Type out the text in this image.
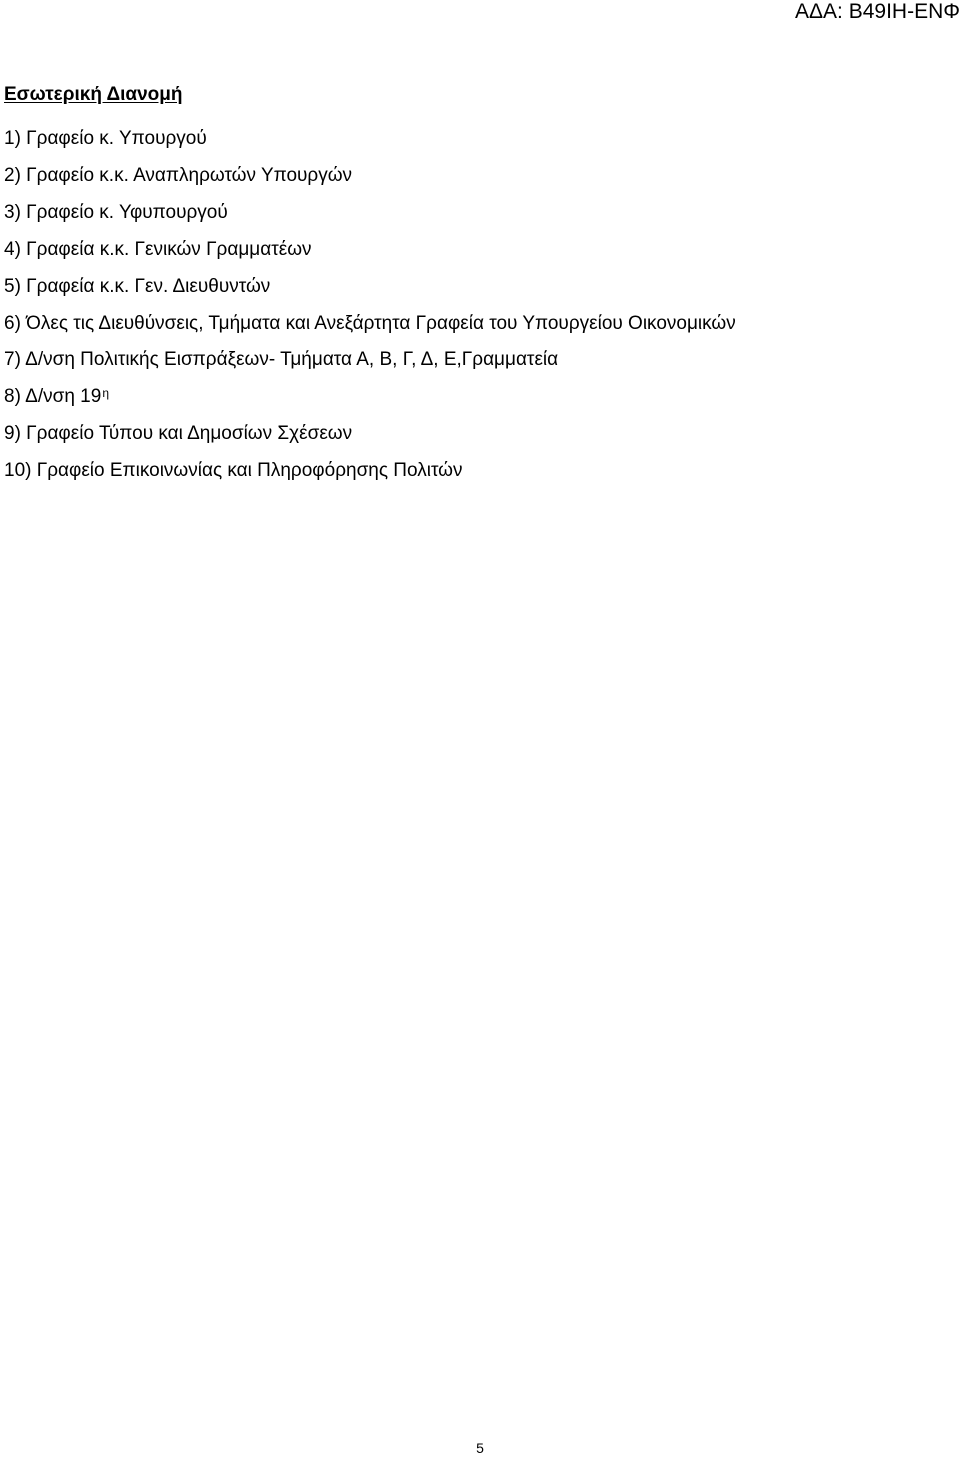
ΑΔΑ: Β49ΙΗ-ΕΝΦ
Εσωτερική Διανομή
1) Γραφείο κ. Υπουργού
2) Γραφείο κ.κ. Αναπληρωτών Υπουργών
3) Γραφείο κ. Υφυπουργού
4) Γραφεία κ.κ. Γενικών Γραμματέων
5) Γραφεία κ.κ. Γεν. Διευθυντών
6) Όλες τις Διευθύνσεις, Τμήματα και Ανεξάρτητα Γραφεία του Υπουργείου Οικονομικών
7) Δ/νση Πολιτικής Εισπράξεων- Τμήματα Α, Β, Γ, Δ, Ε,Γραμματεία
8) Δ/νση $19^\eta$
9) Γραφείο Τύπου και Δημοσίων Σχέσεων
10) Γραφείο Επικοινωνίας και Πληροφόρησης Πολιτών
5
